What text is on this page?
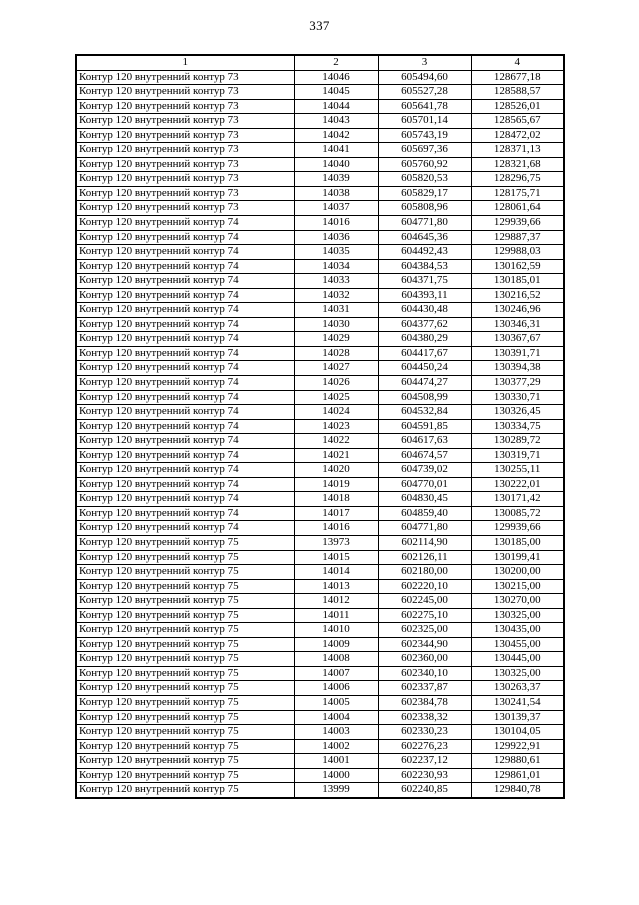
337
1	2	3	4
Контур 120 внутренний контур 73	14046	605494,60	128677,18
Контур 120 внутренний контур 73	14045	605527,28	128588,57
Контур 120 внутренний контур 73	14044	605641,78	128526,01
Контур 120 внутренний контур 73	14043	605701,14	128565,67
Контур 120 внутренний контур 73	14042	605743,19	128472,02
Контур 120 внутренний контур 73	14041	605697,36	128371,13
Контур 120 внутренний контур 73	14040	605760,92	128321,68
Контур 120 внутренний контур 73	14039	605820,53	128296,75
Контур 120 внутренний контур 73	14038	605829,17	128175,71
Контур 120 внутренний контур 73	14037	605808,96	128061,64
Контур 120 внутренний контур 74	14016	604771,80	129939,66
Контур 120 внутренний контур 74	14036	604645,36	129887,37
Контур 120 внутренний контур 74	14035	604492,43	129988,03
Контур 120 внутренний контур 74	14034	604384,53	130162,59
Контур 120 внутренний контур 74	14033	604371,75	130185,01
Контур 120 внутренний контур 74	14032	604393,11	130216,52
Контур 120 внутренний контур 74	14031	604430,48	130246,96
Контур 120 внутренний контур 74	14030	604377,62	130346,31
Контур 120 внутренний контур 74	14029	604380,29	130367,67
Контур 120 внутренний контур 74	14028	604417,67	130391,71
Контур 120 внутренний контур 74	14027	604450,24	130394,38
Контур 120 внутренний контур 74	14026	604474,27	130377,29
Контур 120 внутренний контур 74	14025	604508,99	130330,71
Контур 120 внутренний контур 74	14024	604532,84	130326,45
Контур 120 внутренний контур 74	14023	604591,85	130334,75
Контур 120 внутренний контур 74	14022	604617,63	130289,72
Контур 120 внутренний контур 74	14021	604674,57	130319,71
Контур 120 внутренний контур 74	14020	604739,02	130255,11
Контур 120 внутренний контур 74	14019	604770,01	130222,01
Контур 120 внутренний контур 74	14018	604830,45	130171,42
Контур 120 внутренний контур 74	14017	604859,40	130085,72
Контур 120 внутренний контур 74	14016	604771,80	129939,66
Контур 120 внутренний контур 75	13973	602114,90	130185,00
Контур 120 внутренний контур 75	14015	602126,11	130199,41
Контур 120 внутренний контур 75	14014	602180,00	130200,00
Контур 120 внутренний контур 75	14013	602220,10	130215,00
Контур 120 внутренний контур 75	14012	602245,00	130270,00
Контур 120 внутренний контур 75	14011	602275,10	130325,00
Контур 120 внутренний контур 75	14010	602325,00	130435,00
Контур 120 внутренний контур 75	14009	602344,90	130455,00
Контур 120 внутренний контур 75	14008	602360,00	130445,00
Контур 120 внутренний контур 75	14007	602340,10	130325,00
Контур 120 внутренний контур 75	14006	602337,87	130263,37
Контур 120 внутренний контур 75	14005	602384,78	130241,54
Контур 120 внутренний контур 75	14004	602338,32	130139,37
Контур 120 внутренний контур 75	14003	602330,23	130104,05
Контур 120 внутренний контур 75	14002	602276,23	129922,91
Контур 120 внутренний контур 75	14001	602237,12	129880,61
Контур 120 внутренний контур 75	14000	602230,93	129861,01
Контур 120 внутренний контур 75	13999	602240,85	129840,78
